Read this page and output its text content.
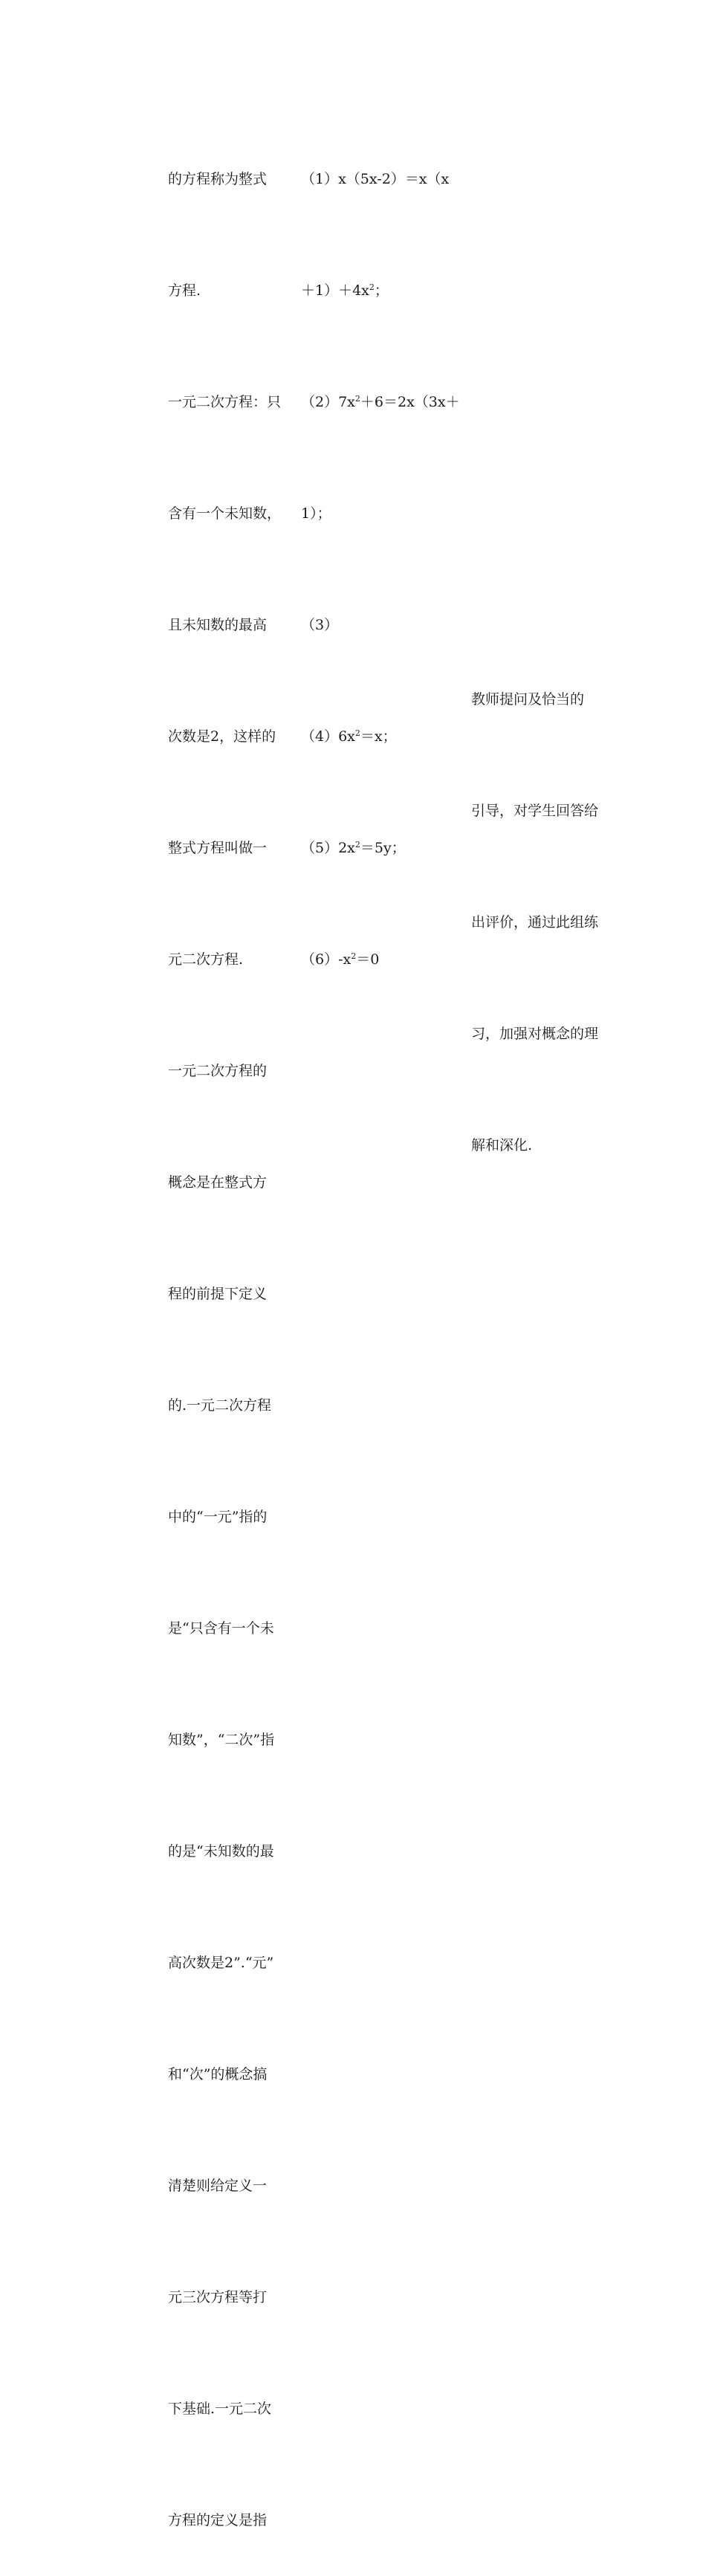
的方程称为整式

方程.

一元二次方程：只

含有一个未知数，

且未知数的最高

次数是2，这样的

整式方程叫做一

元二次方程.

一元二次方程的

概念是在整式方

程的前提下定义

的.一元二次方程

中的“一元”指的

是“只含有一个未

知数”，“二次”指

的是“未知数的最

高次数是2”.“元”

和“次”的概念搞

清楚则给定义一

元三次方程等打

下基础.一元二次

方程的定义是指

（1）x（5x-2）＝x（x

$+1)+4x^2$；

$(2)7x^2+6=2x(3x+$

1）；

（3）

$(4)6x^2=x$；

$(5)2x^2=5y$；

$(6)-x^2=0$

教师提问及恰当的

引导，对学生回答给

出评价，通过此组练

习，加强对概念的理

解和深化.
